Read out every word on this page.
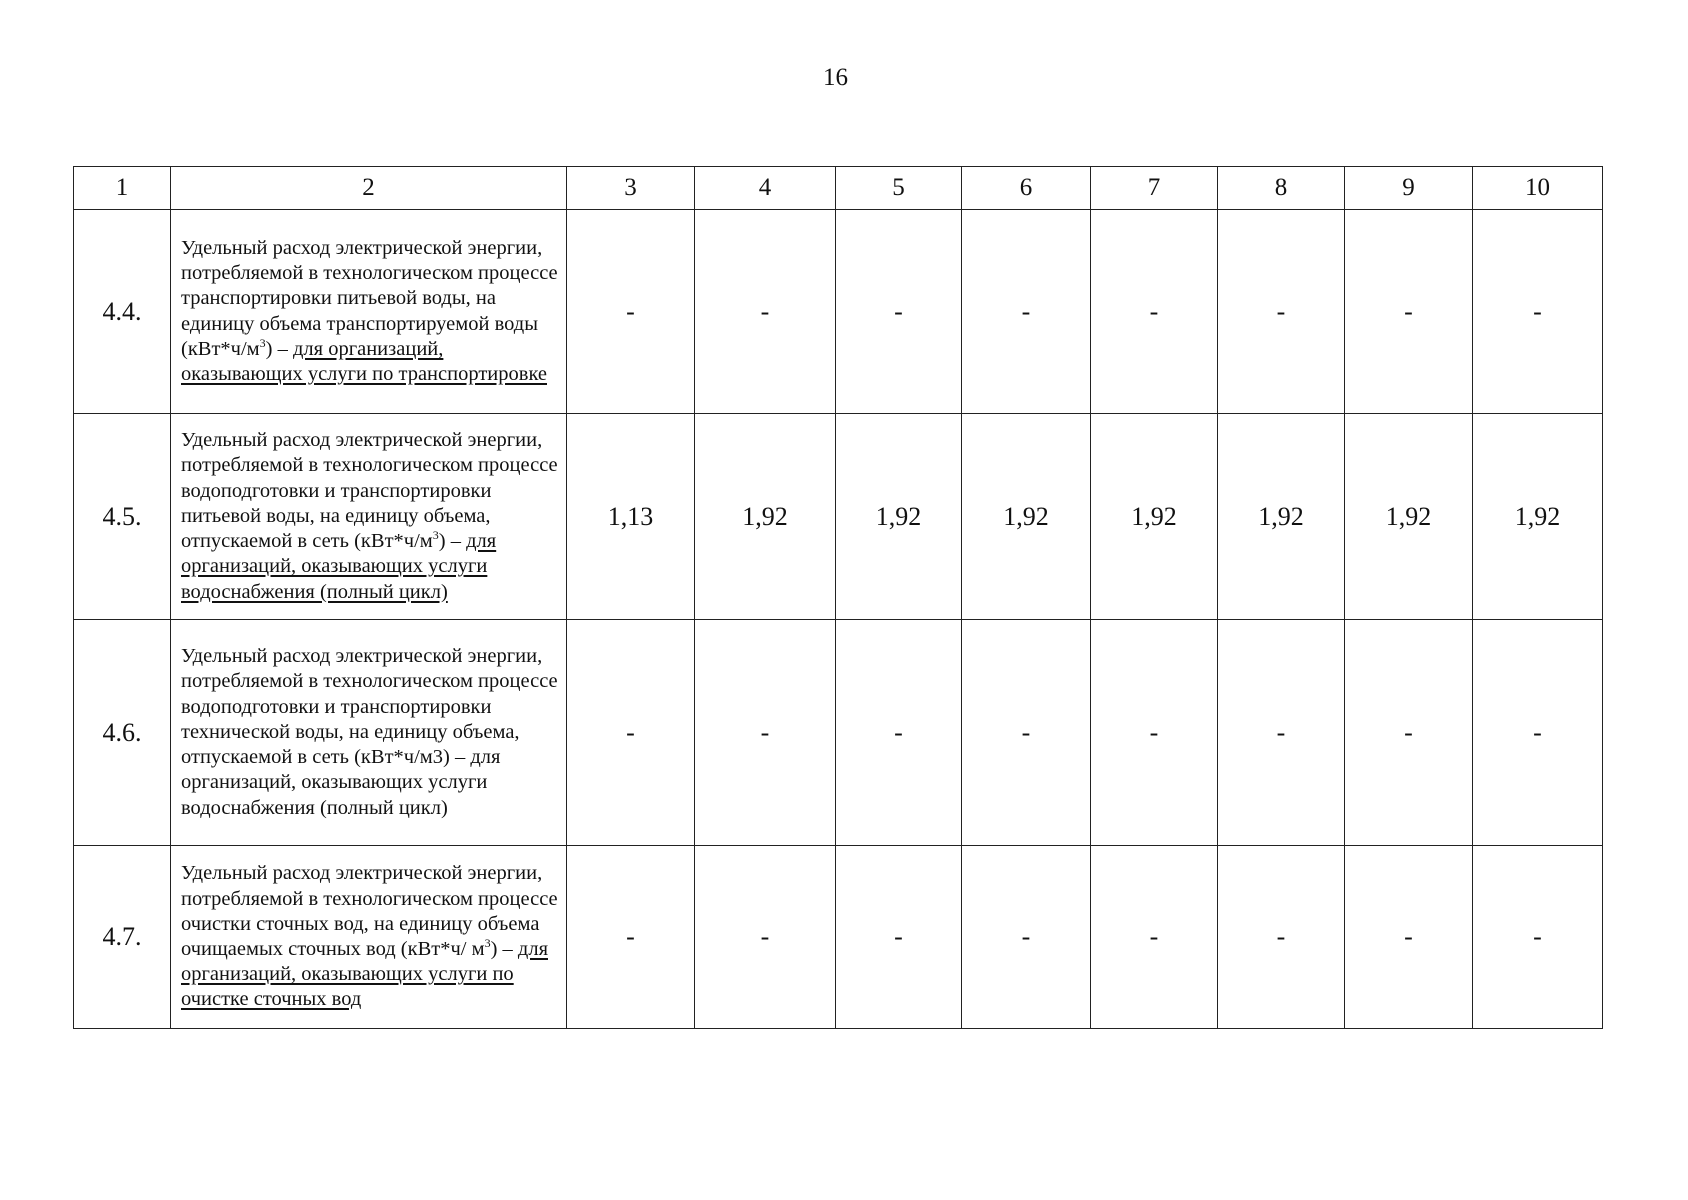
16
1	2	3	4	5	6	7	8	9	10
4.4.	Удельный расход электрической энергии, потребляемой в технологическом процессе транспортировки питьевой воды, на единицу объема транспортируемой воды $(кВт*ч/м^3)$ – для организаций, оказывающих услуги по транспортировке	-	-	-	-	-	-	-	-
4.5.	Удельный расход электрической энергии, потребляемой в технологическом процессе водоподготовки и транспортировки питьевой воды, на единицу объема, отпускаемой в сеть $(кВт*ч/м^3)$ – для организаций, оказывающих услуги водоснабжения (полный цикл)	1,13	1,92	1,92	1,92	1,92	1,92	1,92	1,92
4.6.	Удельный расход электрической энергии, потребляемой в технологическом процессе водоподготовки и транспортировки технической воды, на единицу объема, отпускаемой в сеть (кВт*ч/м3) – для организаций, оказывающих услуги водоснабжения (полный цикл)	-	-	-	-	-	-	-	-
4.7.	Удельный расход электрической энергии, потребляемой в технологическом процессе очистки сточных вод, на единицу объема очищаемых сточных вод (кВт*ч/ $м^3$) – для организаций, оказывающих услуги по очистке сточных вод	-	-	-	-	-	-	-	-
